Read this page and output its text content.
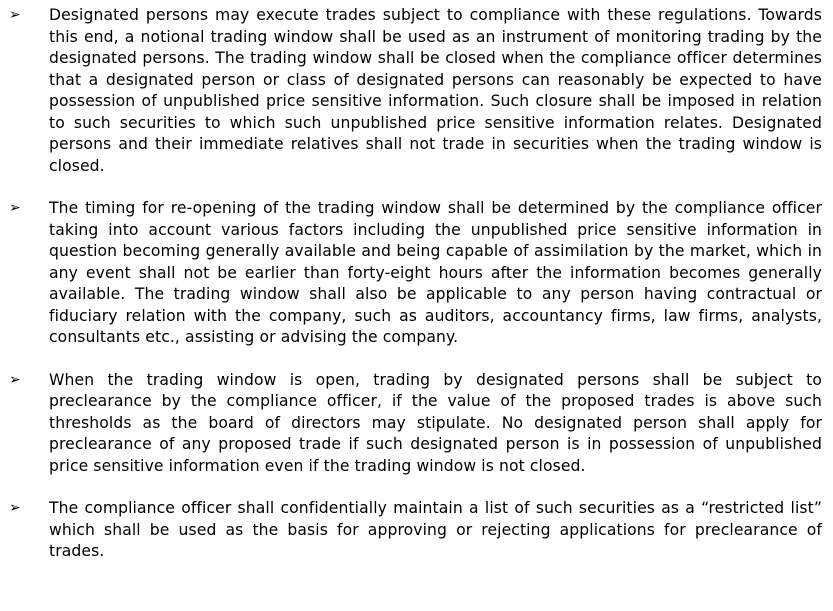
➢ Designated persons may execute trades subject to compliance with these regulations. Towards this end, a notional trading window shall be used as an instrument of monitoring trading by the designated persons. The trading window shall be closed when the compliance officer determines that a designated person or class of designated persons can reasonably be expected to have possession of unpublished price sensitive information. Such closure shall be imposed in relation to such securities to which such unpublished price sensitive information relates. Designated persons and their immediate relatives shall not trade in securities when the trading window is closed.
➢ The timing for re-opening of the trading window shall be determined by the compliance officer taking into account various factors including the unpublished price sensitive information in question becoming generally available and being capable of assimilation by the market, which in any event shall not be earlier than forty-eight hours after the information becomes generally available. The trading window shall also be applicable to any person having contractual or fiduciary relation with the company, such as auditors, accountancy firms, law firms, analysts, consultants etc., assisting or advising the company.
➢ When the trading window is open, trading by designated persons shall be subject to preclearance by the compliance officer, if the value of the proposed trades is above such thresholds as the board of directors may stipulate. No designated person shall apply for preclearance of any proposed trade if such designated person is in possession of unpublished price sensitive information even if the trading window is not closed.
➢ The compliance officer shall confidentially maintain a list of such securities as a “restricted list” which shall be used as the basis for approving or rejecting applications for preclearance of trades.
